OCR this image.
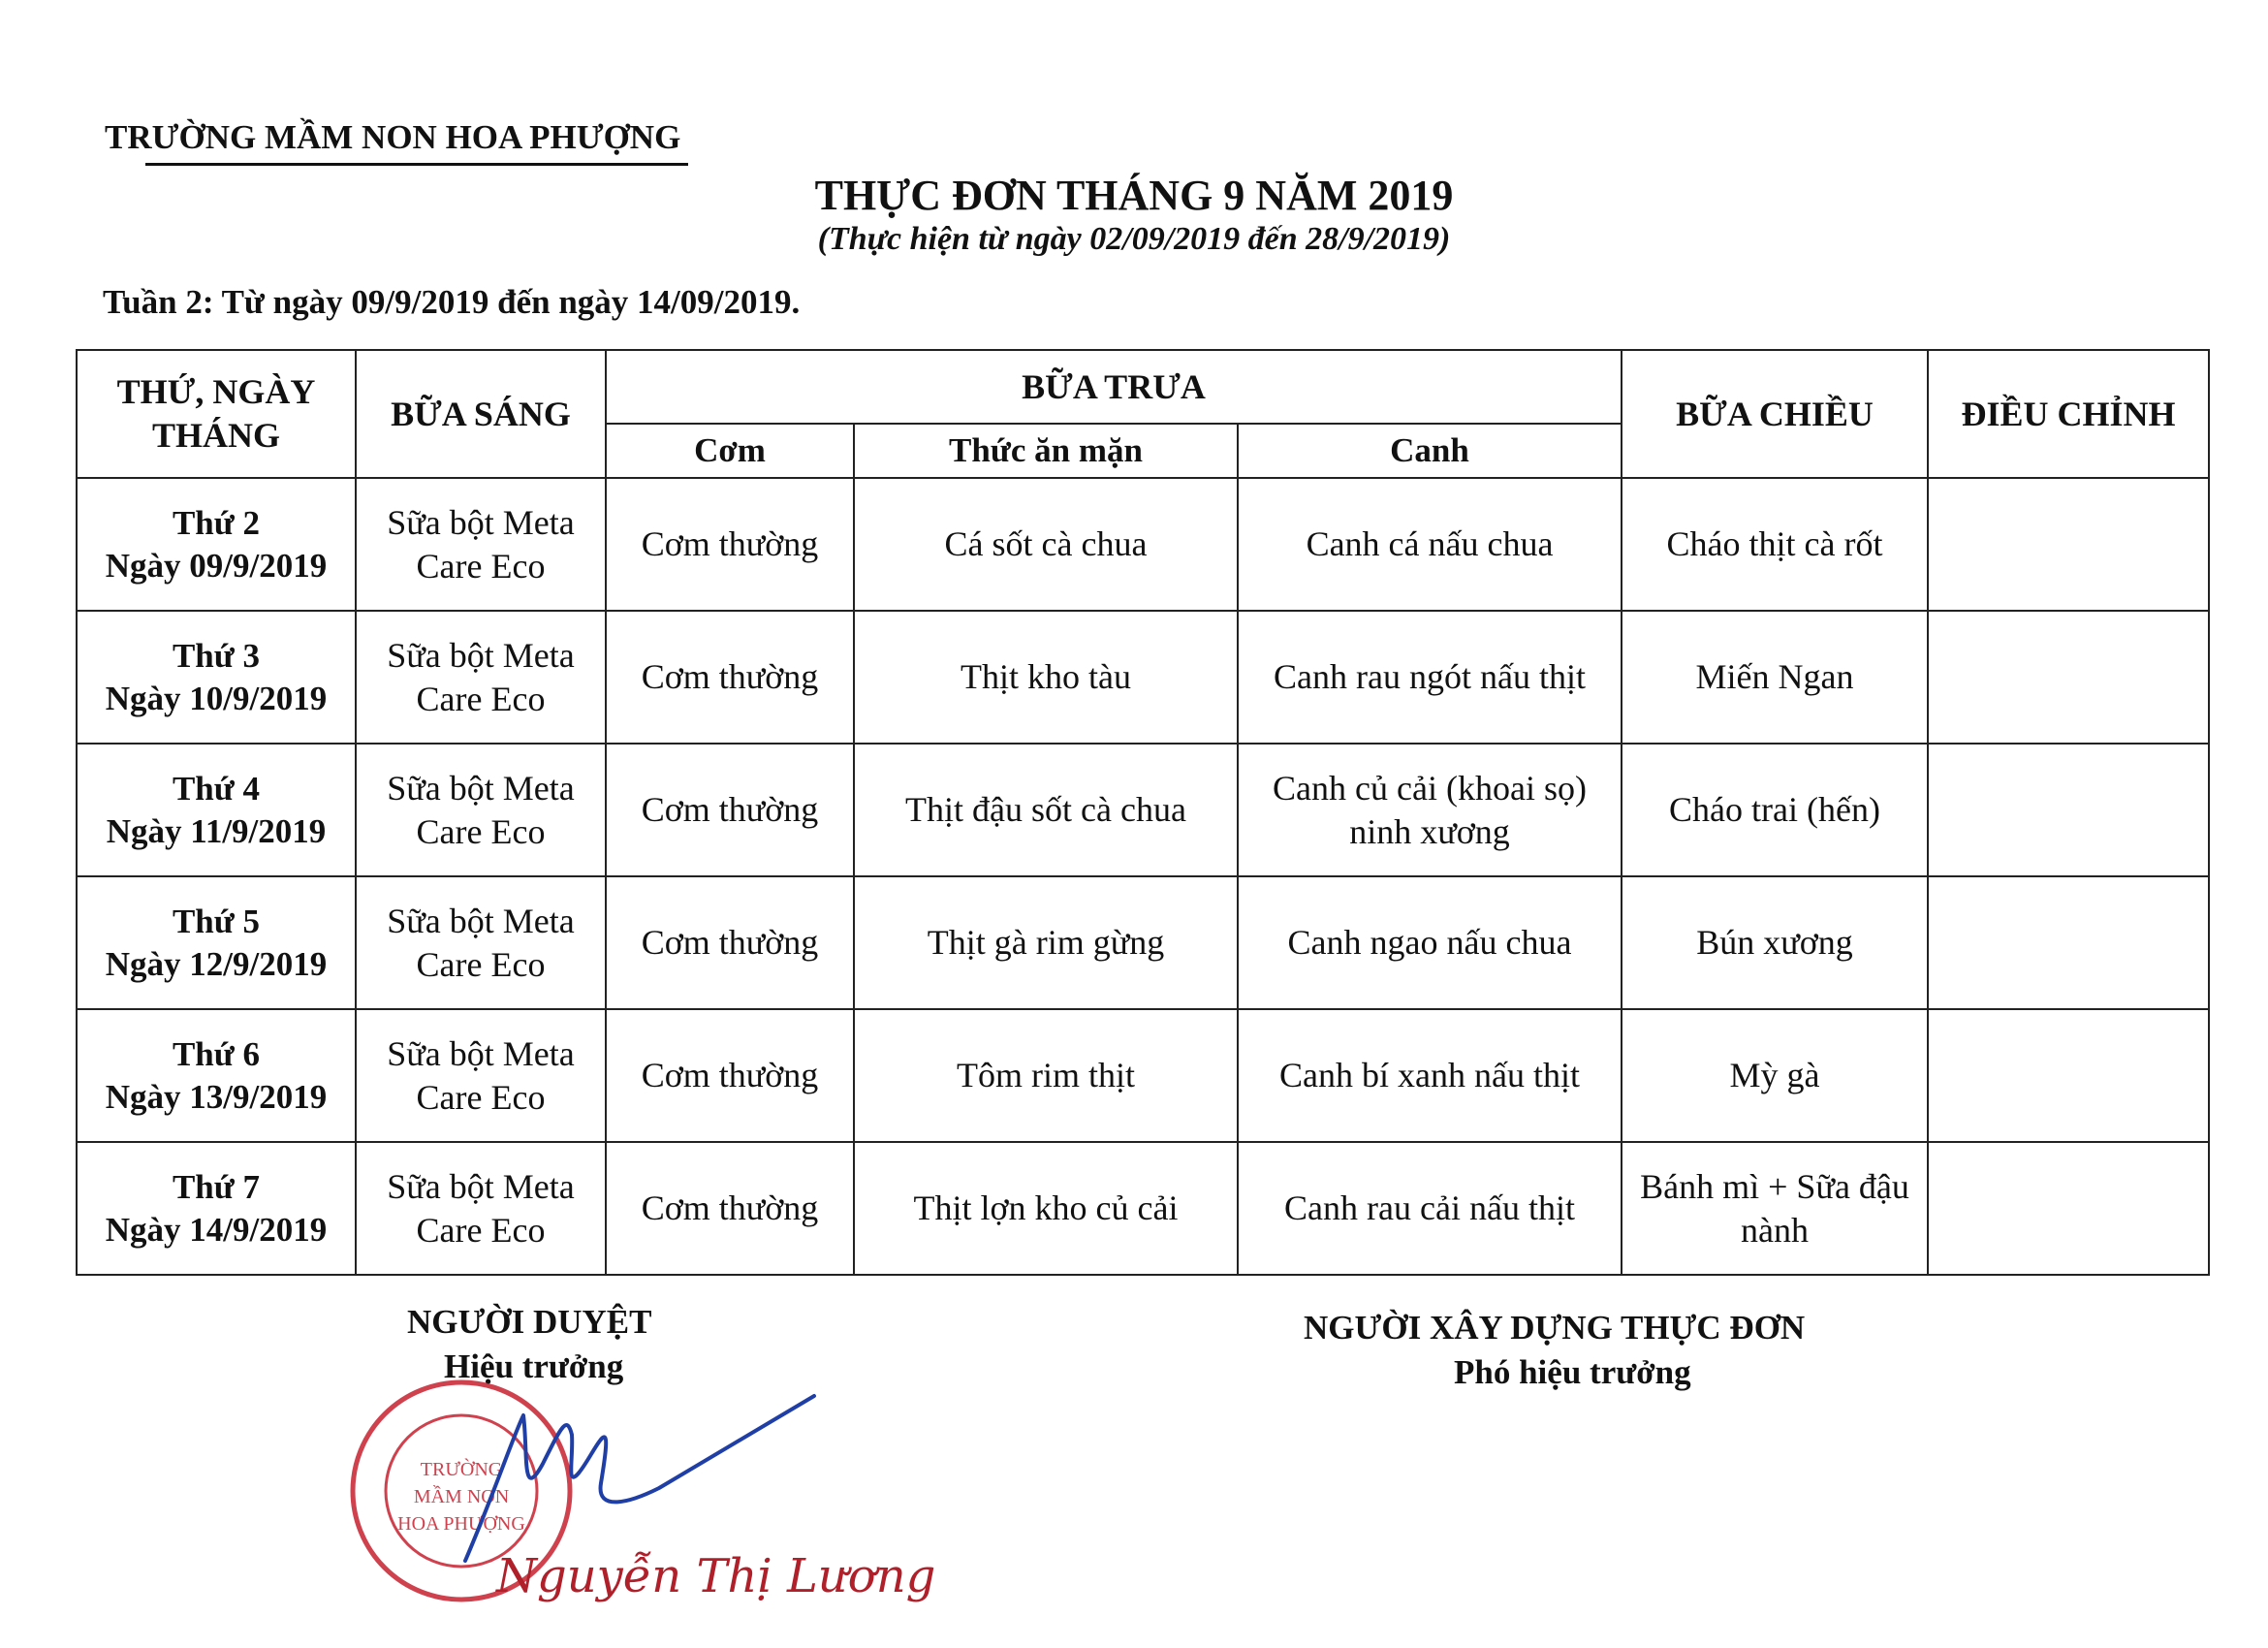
TRƯỜNG MẦM NON HOA PHƯỢNG
THỰC ĐƠN THÁNG 9 NĂM 2019
(Thực hiện từ ngày 02/09/2019 đến 28/9/2019)
Tuần 2: Từ ngày 09/9/2019 đến ngày 14/09/2019.
THỨ, NGÀY THÁNG	BỮA SÁNG	BỮA TRƯA			BỮA CHIỀU	ĐIỀU CHỈNH
		Cơm	Thức ăn mặn	Canh		

Thứ 2
Ngày 09/9/2019	Sữa bột Meta Care Eco	Cơm thường	Cá sốt cà chua	Canh cá nấu chua	Cháo thịt cà rốt	

Thứ 3
Ngày 10/9/2019	Sữa bột Meta Care Eco	Cơm thường	Thịt kho tàu	Canh rau ngót nấu thịt	Miến Ngan	

Thứ 4
Ngày 11/9/2019	Sữa bột Meta Care Eco	Cơm thường	Thịt đậu sốt cà chua	Canh củ cải (khoai sọ) ninh xương	Cháo trai (hến)	

Thứ 5
Ngày 12/9/2019	Sữa bột Meta Care Eco	Cơm thường	Thịt gà rim gừng	Canh ngao nấu chua	Bún xương	

Thứ 6
Ngày 13/9/2019	Sữa bột Meta Care Eco	Cơm thường	Tôm rim thịt	Canh bí xanh nấu thịt	Mỳ gà	

Thứ 7
Ngày 14/9/2019	Sữa bột Meta Care Eco	Cơm thường	Thịt lợn kho củ cải	Canh rau cải nấu thịt	Bánh mì + Sữa đậu nành	
NGƯỜI DUYỆT
Hiệu trưởng
NGƯỜI XÂY DỰNG THỰC ĐƠN
Phó hiệu trưởng
TRƯỜNG
MẦM NON
HOA PHƯỢNG
Nguyễn Thị Lương
